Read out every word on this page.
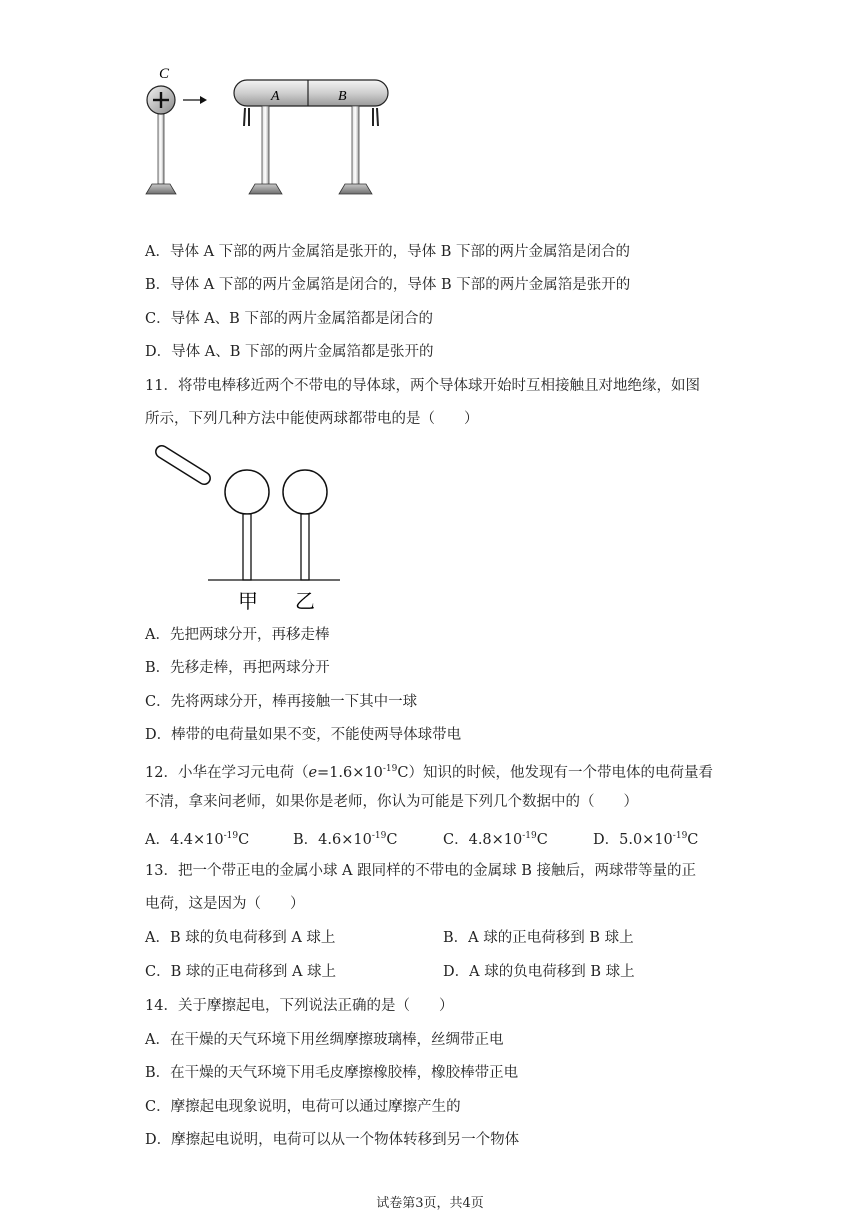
C
A	B
A．导体 A 下部的两片金属箔是张开的，导体 B 下部的两片金属箔是闭合的
B．导体 A 下部的两片金属箔是闭合的，导体 B 下部的两片金属箔是张开的
C．导体 A、B 下部的两片金属箔都是闭合的
D．导体 A、B 下部的两片金属箔都是张开的
11．将带电棒移近两个不带电的导体球，两个导体球开始时互相接触且对地绝缘，如图
所示，下列几种方法中能使两球都带电的是（　　）
甲 乙
A．先把两球分开，再移走棒
B．先移走棒，再把两球分开
C．先将两球分开，棒再接触一下其中一球
D．棒带的电荷量如果不变，不能使两导体球带电
12．小华在学习元电荷$(e=1.6\times 10^{-19}C)$知识的时候，他发现有一个带电体的电荷量看
不清，拿来问老师，如果你是老师，你认为可能是下列几个数据中的（　　）
A．$4.4\times 10^{-19}C$	B．$4.6\times 10^{-19}C$	C．$4.8\times 10^{-19}C$	D．$5.0\times 10^{-19}C$
13．把一个带正电的金属小球 A 跟同样的不带电的金属球 B 接触后，两球带等量的正
电荷，这是因为（　　）
A．B 球的负电荷移到 A 球上	B．A 球的正电荷移到 B 球上
C．B 球的正电荷移到 A 球上	D．A 球的负电荷移到 B 球上
14．关于摩擦起电，下列说法正确的是（　　）
A．在干燥的天气环境下用丝绸摩擦玻璃棒，丝绸带正电
B．在干燥的天气环境下用毛皮摩擦橡胶棒，橡胶棒带正电
C．摩擦起电现象说明，电荷可以通过摩擦产生的
D．摩擦起电说明，电荷可以从一个物体转移到另一个物体
试卷第3页，共4页
